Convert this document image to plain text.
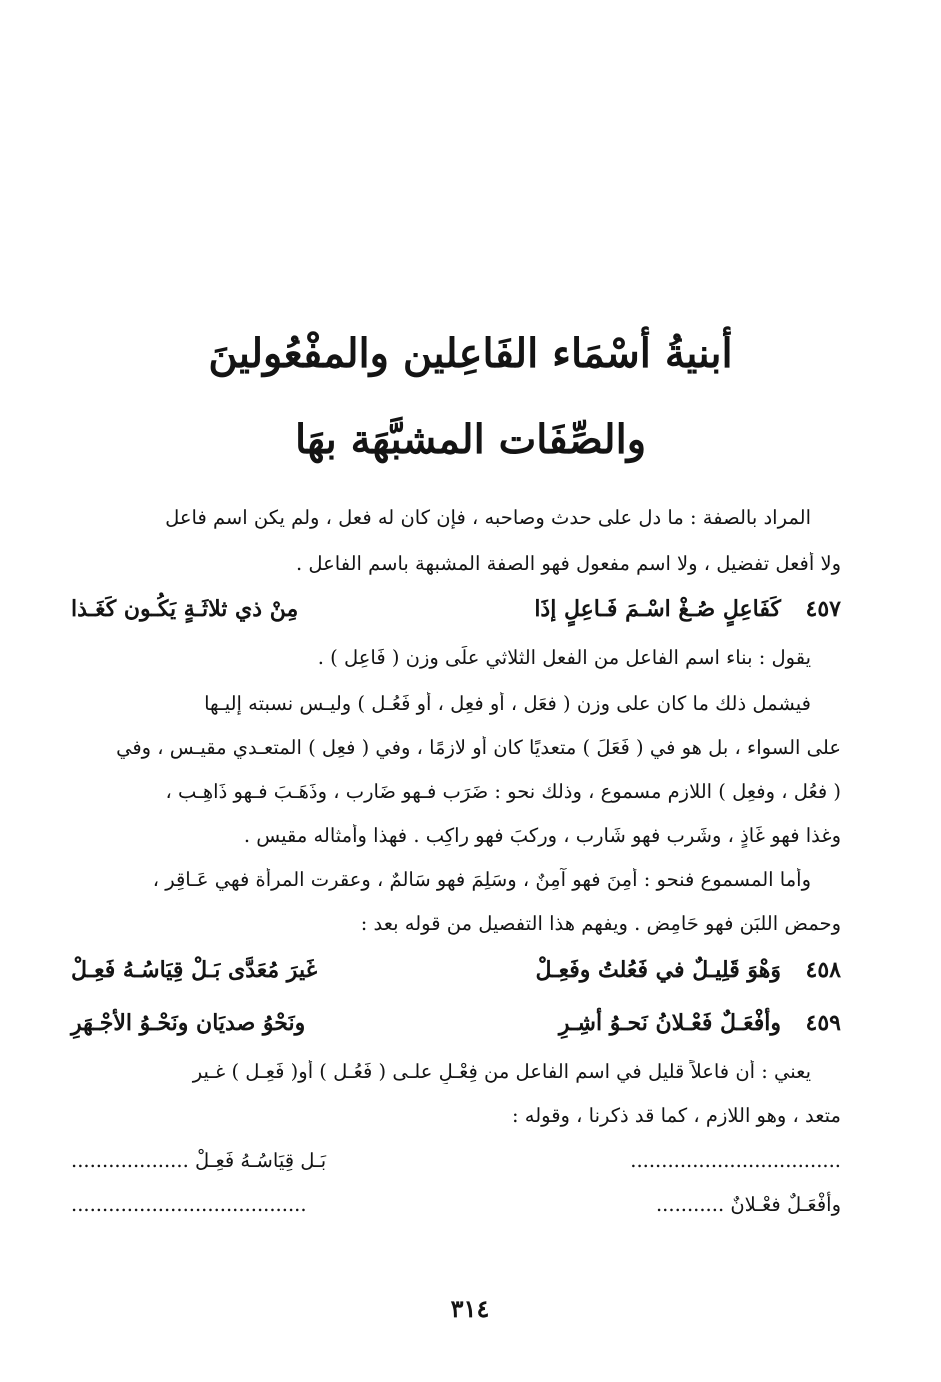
أبنيةُ أسْمَاء الفَاعِلين والمفْعُولينَ
والصِّفَات المشبَّهَة بهَا
المراد بالصفة : ما دل على حدث وصاحبه ، فإن كان له فعل ، ولم يكن اسم فاعل
ولا أفعل تفضيل ، ولا اسم مفعول فهو الصفة المشبهة باسم الفاعل .
٤٥٧
كَفَاعِلٍ صُـغْ اسْـمَ فَـاعِلٍ إذَا
مِنْ ذي ثلاثَـةٍ يَكُـون كَغَـذا
يقول : بناء اسم الفاعل من الفعل الثلاثي علَى وزن ( فَاعِل ) .
فيشمل ذلك ما كان على وزن ( فعَل ، أو فعِل ، أو فَعُـل ) وليـس نسبته إليـها
على السواء ، بل هو في ( فَعَلَ ) متعديًا كان أو لازمًا ، وفي ( فعِل ) المتعـدي مقيـس ، وفي
( فعُل ، وفعِل ) اللازم مسموع ، وذلك نحو : ضَرَب فـهو ضَارب ، وذَهَـبَ فـهو ذَاهِـب ،
وغذا فهو غَاذٍ ، وشَرب فهو شَارب ، وركبَ فهو راكِب . فهذا وأمثاله مقيس .
وأما المسموع فنحو : أمِنَ فهو آمِنٌ ، وسَلِمَ فهو سَالمٌ ، وعقرت المرأة فهي عَـاقِر ،
وحمض اللبَن فهو حَامِض . ويفهم هذا التفصيل من قوله بعد :
٤٥٨
وَهْوَ قَلِيـلٌ في فَعُلتُ وفَعِـلْ
غَيرَ مُعَدَّى بَـلْ قِيَاسُـهُ فَعِـلْ
٤٥٩
وأفْعَـلٌ فَعْـلانُ نَحـوُ أشِـرِ
ونَحْوُ صديَان ونَحْـوُ الأجْـهَرِ
يعني : أن فاعلاً قليل في اسم الفاعل من فِعْـلٍ علـى ( فَعُـل ) أو( فَعِـل ) غـير
متعد ، وهو اللازم ، كما قد ذكرنا ، وقوله :
..................................
بَـل قِيَاسُـهُ فَعِـلْ ...................
وأفْعَـلٌ فعْـلانٌ ...........
......................................
٣١٤
